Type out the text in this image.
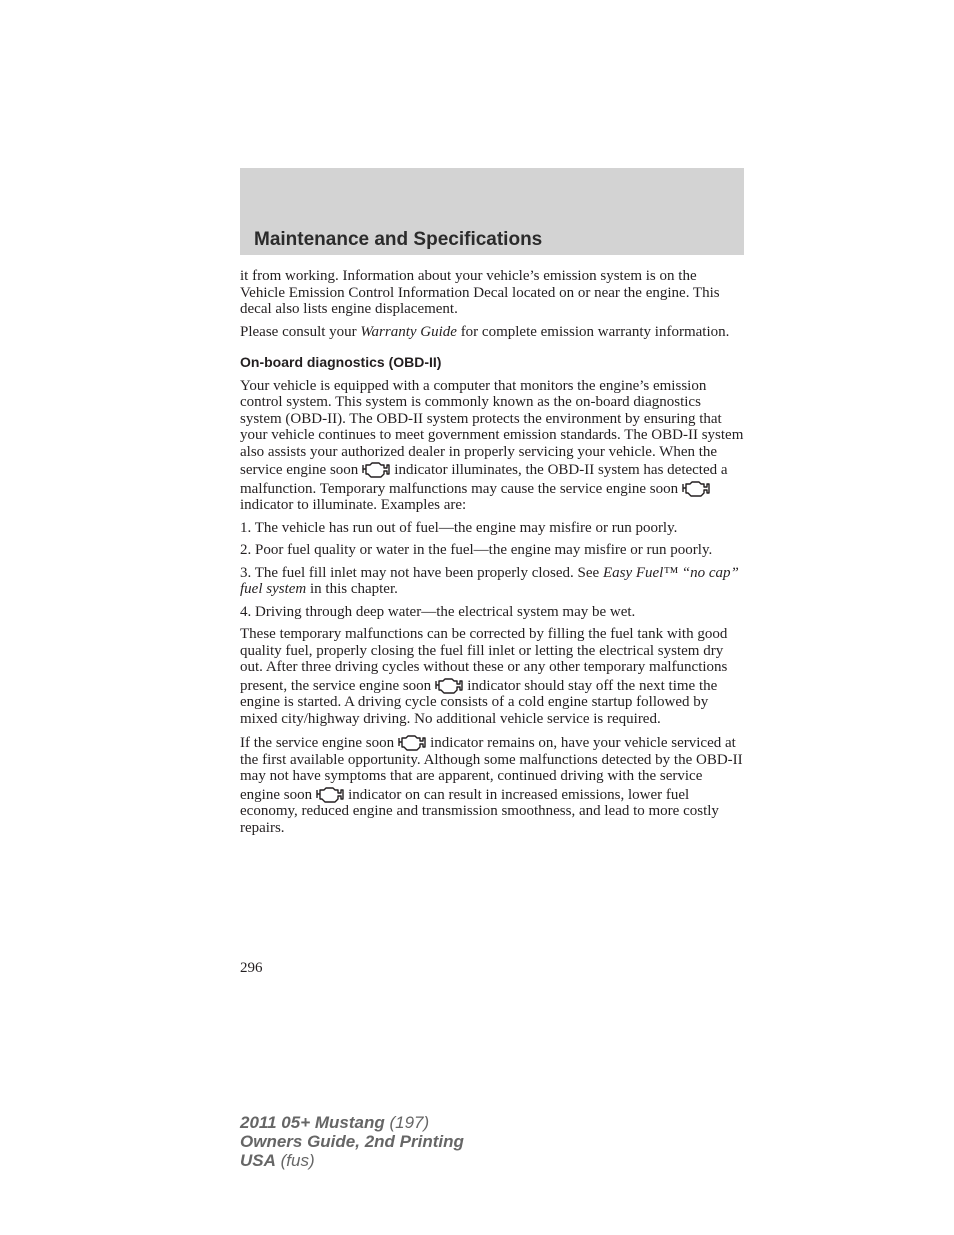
Maintenance and Specifications

it from working. Information about your vehicle’s emission system is on the Vehicle Emission Control Information Decal located on or near the engine. This decal also lists engine displacement.

Please consult your Warranty Guide for complete emission warranty information.

On-board diagnostics (OBD-II)

Your vehicle is equipped with a computer that monitors the engine’s emission control system. This system is commonly known as the on-board diagnostics system (OBD-II). The OBD-II system protects the environment by ensuring that your vehicle continues to meet government emission standards. The OBD-II system also assists your authorized dealer in properly servicing your vehicle. When the service engine soon indicator illuminates, the OBD-II system has detected a malfunction. Temporary malfunctions may cause the service engine soon
indicator to illuminate. Examples are:

1. The vehicle has run out of fuel—the engine may misfire or run poorly.

2. Poor fuel quality or water in the fuel—the engine may misfire or run poorly.

3. The fuel fill inlet may not have been properly closed. See Easy Fuel™ “no cap” fuel system in this chapter.

4. Driving through deep water—the electrical system may be wet.

These temporary malfunctions can be corrected by filling the fuel tank with good quality fuel, properly closing the fuel fill inlet or letting the electrical system dry out. After three driving cycles without these or any other temporary malfunctions present, the service engine soon indicator should stay off the next time the engine is started. A driving cycle consists of a cold engine startup followed by mixed city/highway driving. No additional vehicle service is required.

If the service engine soon indicator remains on, have your vehicle serviced at the first available opportunity. Although some malfunctions detected by the OBD-II may not have symptoms that are apparent, continued driving with the service engine soon indicator on can result in increased emissions, lower fuel economy, reduced engine and transmission smoothness, and lead to more costly repairs.

296
2011 05+ Mustang (197)
Owners Guide, 2nd Printing
USA (fus)
